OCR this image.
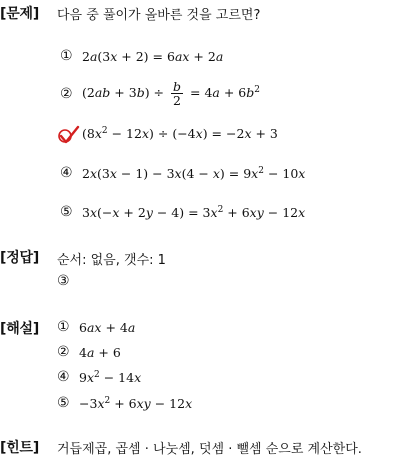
[문제] 다음 중 풀이가 올바른 것을 고르면?
① 2a(3x + 2) = 6ax + 2a
② $(2ab + 3b) \div \frac{b}{2} = 4a + 6b^2$
$(8x^2 - 12x) \div (-4x) = -2x + 3$
④ $2x(3x - 1) - 3x(4 - x) = 9x^2 - 10x$
⑤ $3x(-x + 2y - 4) = 3x^2 + 6xy - 12x$
[정답] 순서: 없음, 갯수: 1
③
[해설] ① 6ax + 4a
② 4a + 6
④ $9x^2 - 14x$
⑤ $-3x^2 + 6xy - 12x$
[힌트] 거듭제곱, 곱셈 · 나눗셈, 덧셈 · 뺄셈 순으로 계산한다.
